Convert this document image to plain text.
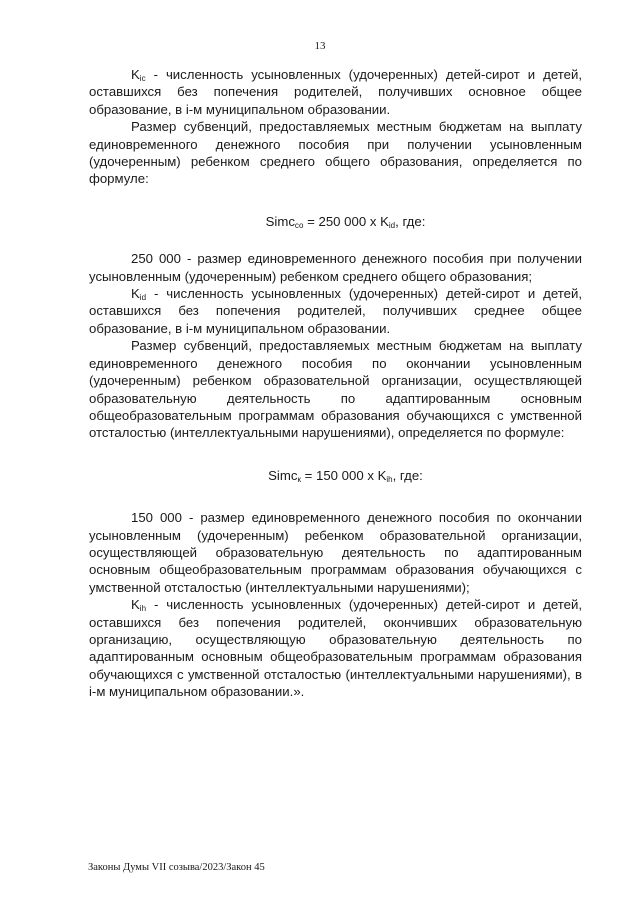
13

$K_{ic}$ - численность усыновленных (удочеренных) детей-сирот и детей, оставшихся без попечения родителей, получивших основное общее образование, в i-м муниципальном образовании.

Размер субвенций, предоставляемых местным бюджетам на выплату единовременного денежного пособия при получении усыновленным (удочеренным) ребенком среднего общего образования, определяется по формуле:

Simc$_{со}$ = 250 000 x $K_{id}$, где:

250 000 - размер единовременного денежного пособия при получении усыновленным (удочеренным) ребенком среднего общего образования;

$K_{id}$ - численность усыновленных (удочеренных) детей-сирот и детей, оставшихся без попечения родителей, получивших среднее общее образование, в i-м муниципальном образовании.

Размер субвенций, предоставляемых местным бюджетам на выплату единовременного денежного пособия по окончании усыновленным (удочеренным) ребенком образовательной организации, осуществляющей образовательную деятельность по адаптированным основным общеобразовательным программам образования обучающихся с умственной отсталостью (интеллектуальными нарушениями), определяется по формуле:

Simc$_к$ = 150 000 x $K_{ih}$, где:

150 000 - размер единовременного денежного пособия по окончании усыновленным (удочеренным) ребенком образовательной организации, осуществляющей образовательную деятельность по адаптированным основным общеобразовательным программам образования обучающихся с умственной отсталостью (интеллектуальными нарушениями);

$K_{ih}$ - численность усыновленных (удочеренных) детей-сирот и детей, оставшихся без попечения родителей, окончивших образовательную организацию, осуществляющую образовательную деятельность по адаптированным основным общеобразовательным программам образования обучающихся с умственной отсталостью (интеллектуальными нарушениями), в i-м муниципальном образовании.».

Законы Думы VII созыва/2023/Закон 45
